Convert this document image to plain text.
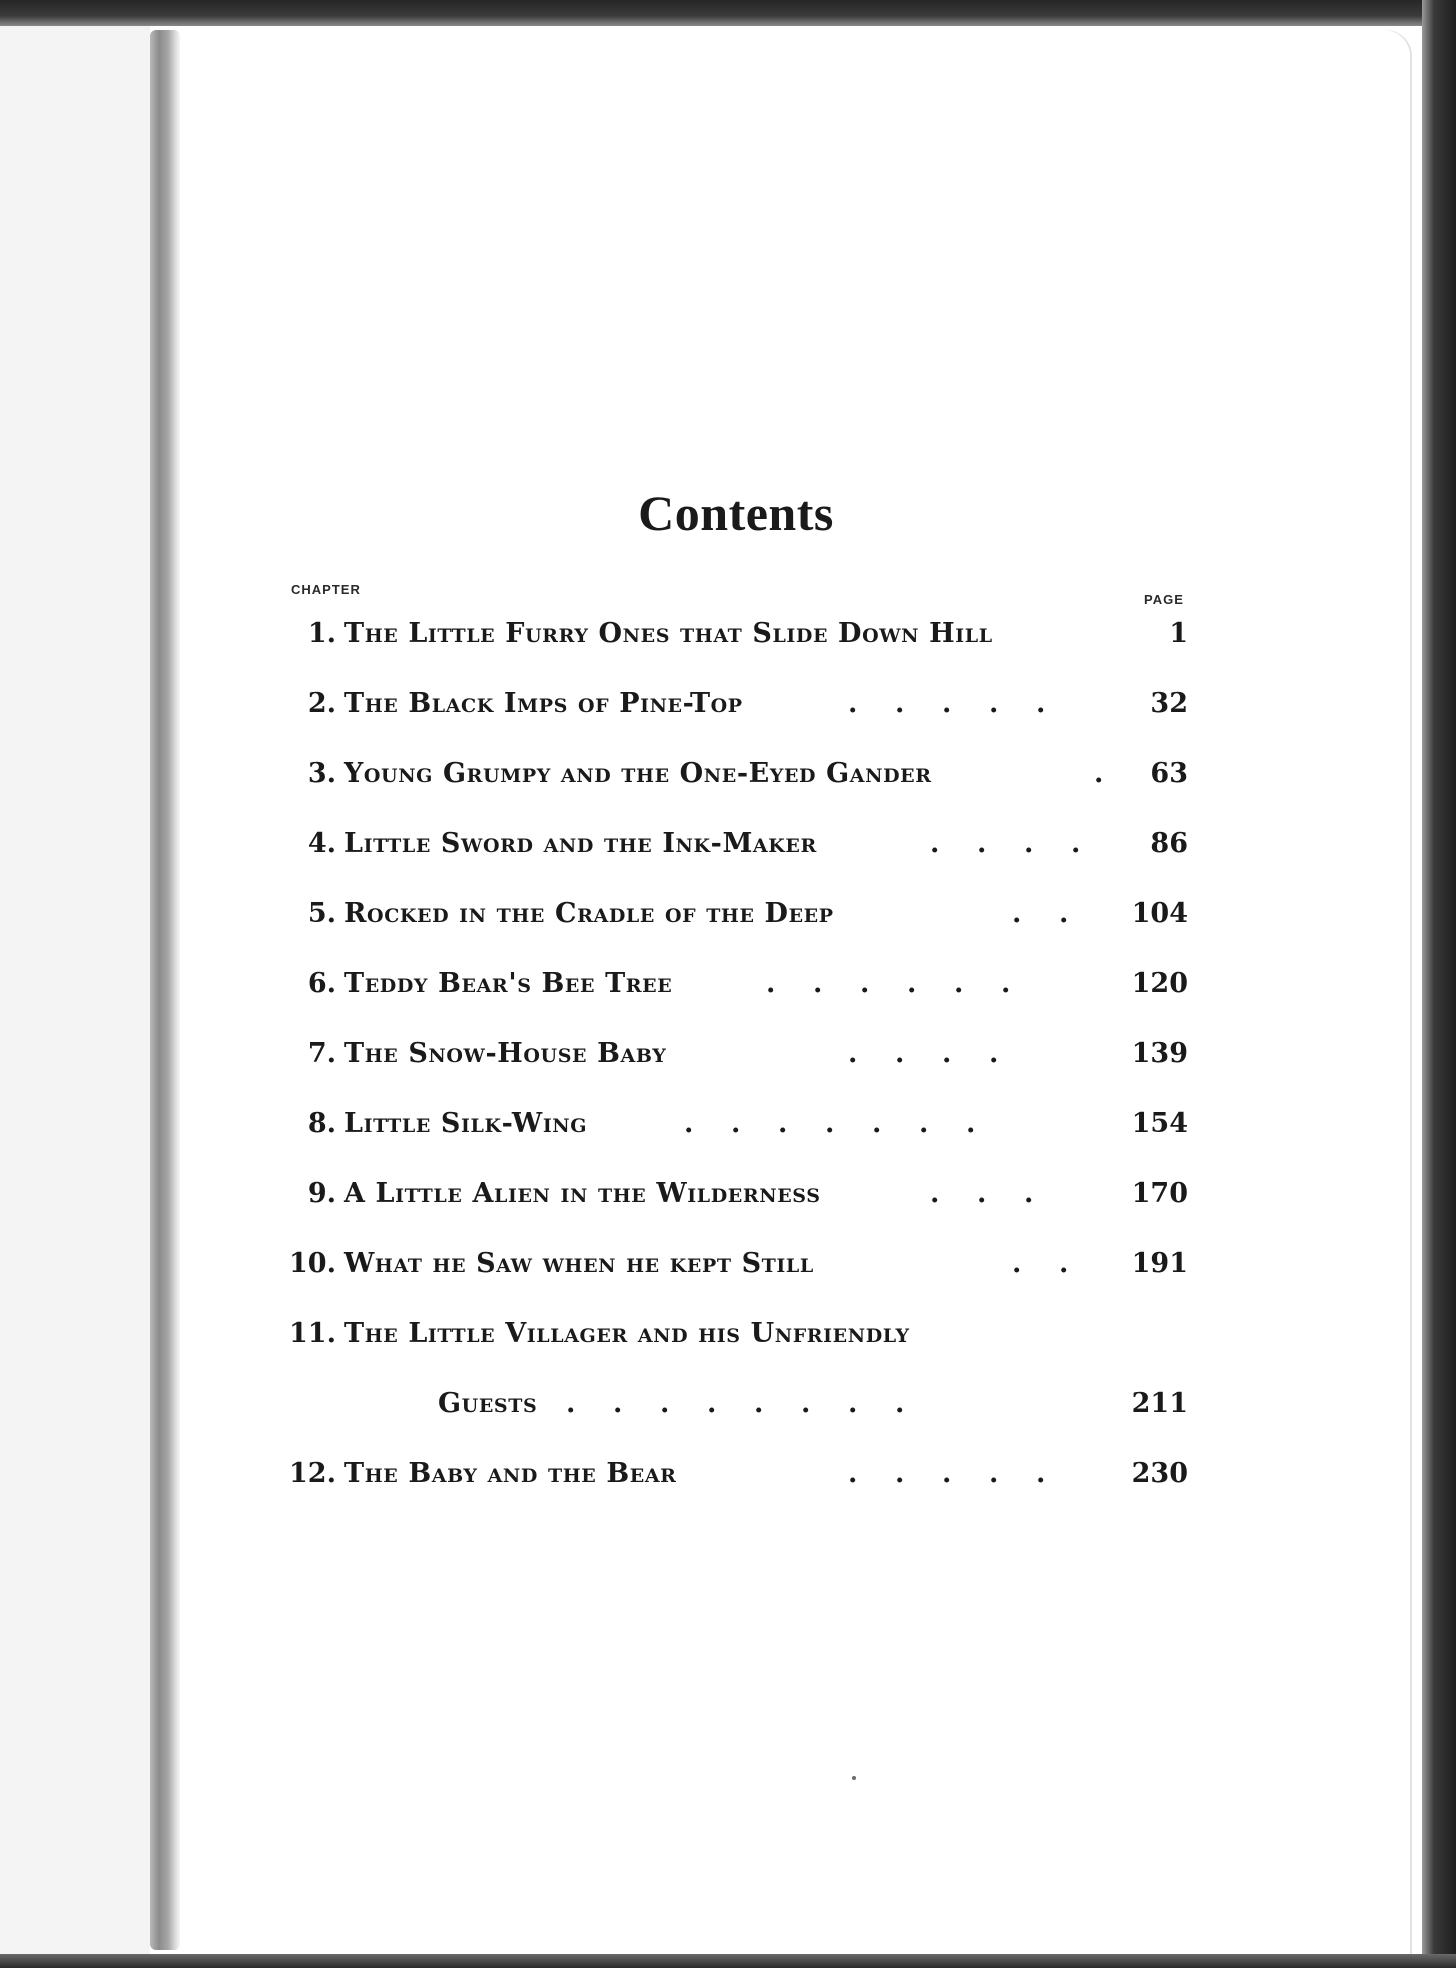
Contents
CHAPTER
PAGE
1. The Little Furry Ones that Slide Down Hill	1
2. The Black Imps of Pine-Top	.    .    .    .    .	32
3. Young Grumpy and the One-Eyed Gander	. 63
4. Little Sword and the Ink-Maker	.    .    .    .	86
5. Rocked in the Cradle of the Deep	.    . 104
6. Teddy Bear's Bee Tree	.    .    .    .    .    .	120
7. The Snow-House Baby	.    .    .    .	139
8. Little Silk-Wing	.    .    .    .    .    .    .	154
9. A Little Alien in the Wilderness	.    .    .	170
10. What he Saw when he kept Still	.    . 191
11. The Little Villager and his Unfriendly
Guests .    .    .    .    .    .    .    .	211
12. The Baby and the Bear	.    .    .    .    .	230
